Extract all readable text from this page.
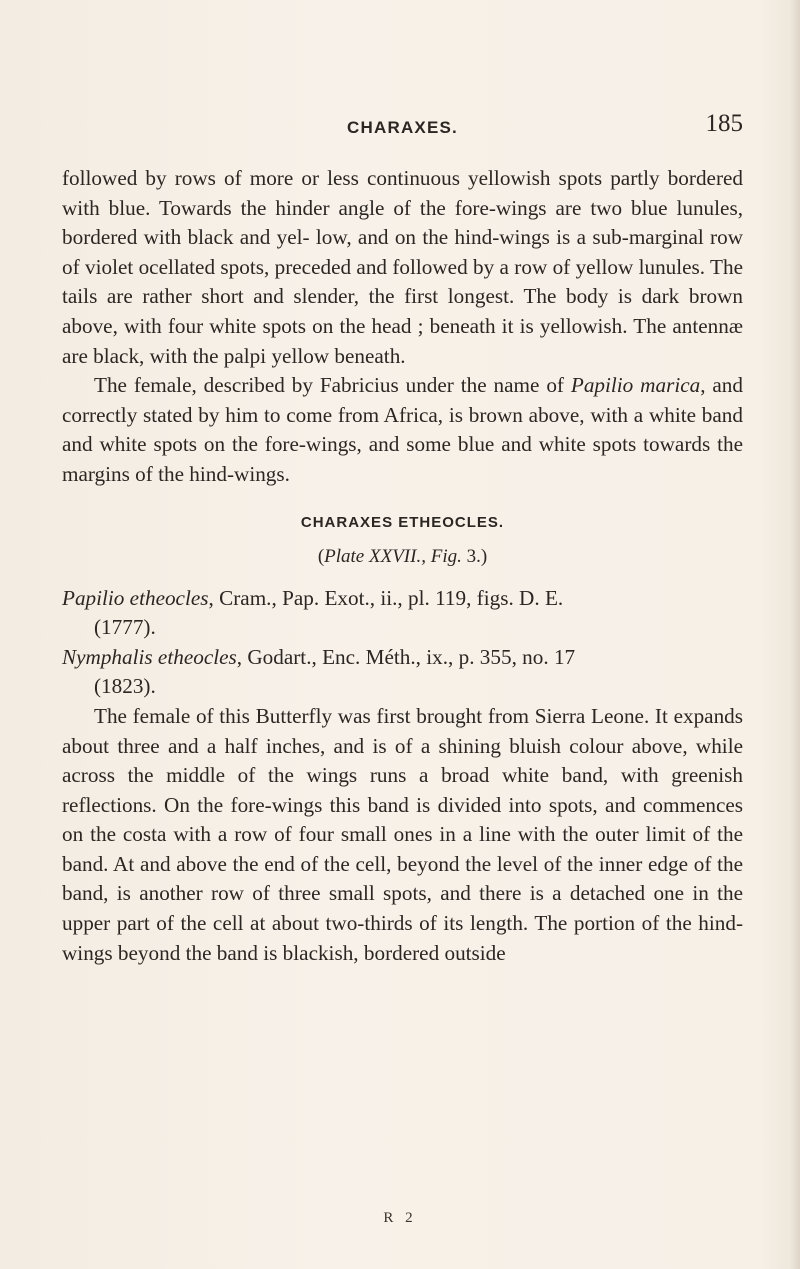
CHARAXES.	185

followed by rows of more or less continuous yellowish spots partly bordered with blue. Towards the hinder angle of the fore-wings are two blue lunules, bordered with black and yel- low, and on the hind-wings is a sub-marginal row of violet ocellated spots, preceded and followed by a row of yellow lunules. The tails are rather short and slender, the first longest. The body is dark brown above, with four white spots on the head ; beneath it is yellowish. The antennæ are black, with the palpi yellow beneath.

The female, described by Fabricius under the name of Papilio marica, and correctly stated by him to come from Africa, is brown above, with a white band and white spots on the fore-wings, and some blue and white spots towards the margins of the hind-wings.

CHARAXES ETHEOCLES.
(Plate XXVII., Fig. 3.)

Papilio etheocles, Cram., Pap. Exot., ii., pl. 119, figs. D. E.
(1777).

Nymphalis etheocles, Godart., Enc. Méth., ix., p. 355, no. 17
(1823).

The female of this Butterfly was first brought from Sierra Leone. It expands about three and a half inches, and is of a shining bluish colour above, while across the middle of the wings runs a broad white band, with greenish reflections. On the fore-wings this band is divided into spots, and commences on the costa with a row of four small ones in a line with the outer limit of the band. At and above the end of the cell, beyond the level of the inner edge of the band, is another row of three small spots, and there is a detached one in the upper part of the cell at about two-thirds of its length. The portion of the hind-wings beyond the band is blackish, bordered outside

R 2
